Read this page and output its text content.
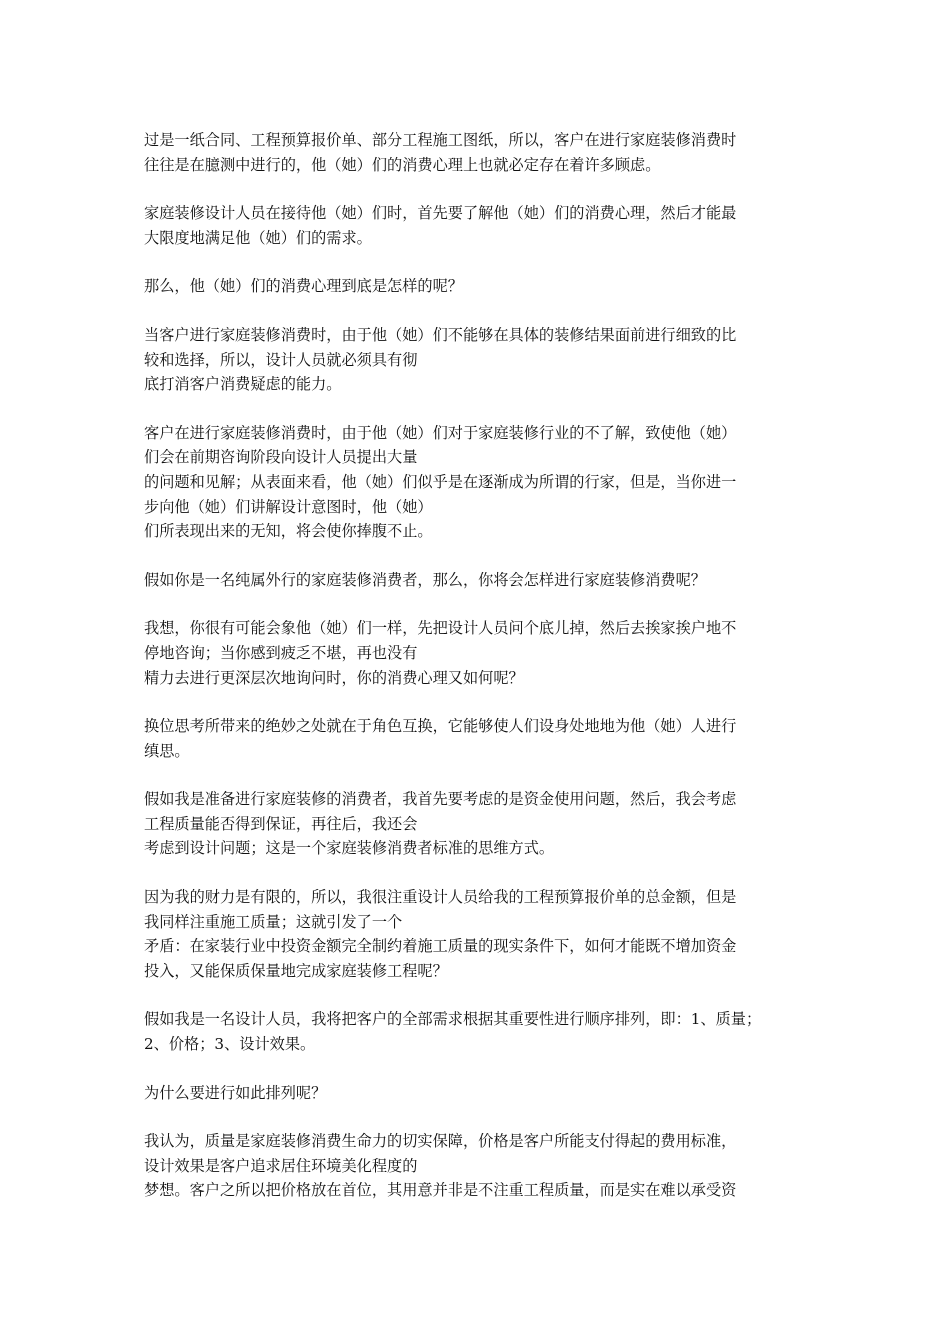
过是一纸合同、工程预算报价单、部分工程施工图纸，所以，客户在进行家庭装修消费时
往往是在臆测中进行的，他（她）们的消费心理上也就必定存在着许多顾虑。
家庭装修设计人员在接待他（她）们时，首先要了解他（她）们的消费心理，然后才能最
大限度地满足他（她）们的需求。
那么，他（她）们的消费心理到底是怎样的呢？
当客户进行家庭装修消费时，由于他（她）们不能够在具体的装修结果面前进行细致的比
较和选择，所以，设计人员就必须具有彻
底打消客户消费疑虑的能力。
客户在进行家庭装修消费时，由于他（她）们对于家庭装修行业的不了解，致使他（她）
们会在前期咨询阶段向设计人员提出大量
的问题和见解；从表面来看，他（她）们似乎是在逐渐成为所谓的行家，但是，当你进一
步向他（她）们讲解设计意图时，他（她）
们所表现出来的无知，将会使你捧腹不止。
假如你是一名纯属外行的家庭装修消费者，那么，你将会怎样进行家庭装修消费呢？
我想，你很有可能会象他（她）们一样，先把设计人员问个底儿掉，然后去挨家挨户地不
停地咨询；当你感到疲乏不堪，再也没有
精力去进行更深层次地询问时，你的消费心理又如何呢？
换位思考所带来的绝妙之处就在于角色互换，它能够使人们设身处地地为他（她）人进行
缜思。
假如我是准备进行家庭装修的消费者，我首先要考虑的是资金使用问题，然后，我会考虑
工程质量能否得到保证，再往后，我还会
考虑到设计问题；这是一个家庭装修消费者标准的思维方式。
因为我的财力是有限的，所以，我很注重设计人员给我的工程预算报价单的总金额，但是
我同样注重施工质量；这就引发了一个
矛盾：在家装行业中投资金额完全制约着施工质量的现实条件下，如何才能既不增加资金
投入，又能保质保量地完成家庭装修工程呢？
假如我是一名设计人员，我将把客户的全部需求根据其重要性进行顺序排列，即：1、质量；
2、价格；3、设计效果。
为什么要进行如此排列呢？
我认为，质量是家庭装修消费生命力的切实保障，价格是客户所能支付得起的费用标准，
设计效果是客户追求居住环境美化程度的
梦想。客户之所以把价格放在首位，其用意并非是不注重工程质量，而是实在难以承受资
